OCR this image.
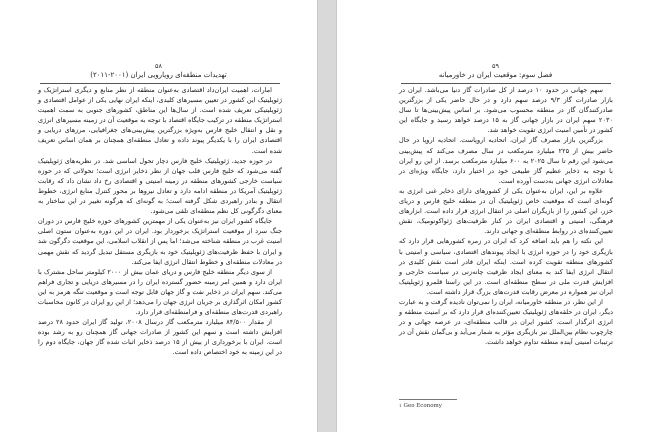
۵۸
تهدیدات منطقه‌ای رویارویی ایران (۲۰۰۱-۲۰۱۱)

امارات، اهمیت ایران‌داد اقتصادی به‌عنوان منطقه از نظر منابع و دیگری استراتژیک و ژئوپلیتیک این کشور در تعیین مسیرهای کلیدی، اینکه ایران نهایی یکی از عوامل اقتصادی و ژئوپلیتیکی تعریف شده است. از سال‌ها این مناطق، کشورهای جنوبی به سمت اهمیت استراتژیک منطقه در ترکیب جایگاه اقتصاد با توجه به موقعیت آن در زمینه مسیرهای انرژی و نقل و انتقال خلیج فارس به‌ویژه بزرگترین پیش‌بینی‌های جغرافیایی، مرزهای دریایی و اقتصادی ایران را با یکدیگر پیوند داده و تعادل منطقه‌ای همچنان بر همان اساس تعریف شده است.

در حوزه جدید، ژئوپلیتیک خلیج فارس دچار تحول اساسی شد. در نظریه‌های ژئوپلیتیک گفته می‌شود که خلیج فارس قلب جهان از نظر ذخایر انرژی است؛ تحولاتی که در حوزه سیاست خارجی کشورهای منطقه در زمینه امنیتی و اقتصادی رخ داد نشان داد که رقابت ژئوپلیتیک آمریکا در منطقه ادامه دارد و تعادل نیروها بر محور کنترل منابع انرژی، خطوط انتقال و بنادر راهبردی شکل گرفته است؛ به گونه‌ای که هرگونه تغییر در این ساختار به معنای دگرگونی کل نظم منطقه‌ای تلقی می‌شود.

جایگاه کشور ایران نیز به‌عنوان یکی از مهمترین کشورهای حوزه خلیج فارس در دوران جنگ سرد از موقعیت استراتژیک برخوردار بود. ایران در این دوره به‌عنوان ستون اصلی امنیت غرب در منطقه شناخته می‌شد؛ اما پس از انقلاب اسلامی، این موقعیت دگرگون شد و ایران با حفظ ظرفیت‌های ژئوپلیتیک خود به بازیگری مستقل تبدیل گردید که نقش مهمی در معادلات منطقه‌ای و خطوط انتقال انرژی ایفا می‌کند.

از سوی دیگر منطقه خلیج فارس و دریای عمان بیش از ۲۰۰۰ کیلومتر ساحل مشترک با ایران دارد و همین امر زمینه حضور گسترده ایران را در مسیرهای دریایی و تجاری فراهم می‌کند. سهم ایران در ذخایر نفت و گاز جهان قابل توجه است و موقعیت تنگه هرمز به این کشور امکان اثرگذاری بر جریان انرژی جهان را می‌دهد؛ از این رو ایران در کانون محاسبات راهبردی قدرت‌های منطقه‌ای و فرامنطقه‌ای قرار دارد.

از مقدار ۸۴/۵۰۰ میلیارد مترمکعب گاز درسال ۲۰۰۸، تولید گاز ایران حدود ۲۸ درصد افزایش داشته است و سهم این کشور از صادرات جهانی گاز همچنان رو به رشد بوده است. ایران با برخورداری از بیش از ۱۵ درصد ذخایر اثبات شده گاز جهان، جایگاه دوم را در این زمینه به خود اختصاص داده است.

۵۹
فصل سوم: موقعیت ایران در خاورمیانه

سهم جهانی در حدود ۱۰ درصد از کل صادرات گاز دنیا می‌باشد. ایران در بازار صادرات گاز ۹/۳ درصد سهم دارد و در حال حاضر یکی از بزرگترین صادرکنندگان گاز در منطقه محسوب می‌شود. بر اساس پیش‌بینی‌ها تا سال ۲۰۳۰ سهم ایران در بازار جهانی گاز به ۱۵ درصد خواهد رسید و جایگاه این کشور در تأمین امنیت انرژی تقویت خواهد شد.

بزرگترین بازار مصرف گاز ایران، اتحادیه اروپاست. اتحادیه اروپا در حال حاضر بیش از ۲۲۵ میلیارد مترمکعب در سال مصرف می‌کند که پیش‌بینی می‌شود این رقم تا سال ۲۰۲۵ به ۶۰۰ میلیارد مترمکعب برسد. از این رو ایران با توجه به ذخایر عظیم گاز طبیعی خود در اختیار دارد، جایگاه ویژه‌ای در معادلات انرژی جهانی به‌دست آورده است.

علاوه بر این، ایران به‌عنوان یکی از کشورهای دارای ذخایر غنی انرژی به گونه‌ای است که موقعیت خاص ژئوپلیتیک آن در منطقه خلیج فارس و دریای خزر، این کشور را از بازیگران اصلی در انتقال انرژی قرار داده است. ابزارهای فرهنگی، امنیتی و اقتصادی ایران در کنار ظرفیت‌های ژئواکونومیک، نقش تعیین‌کننده‌ای در روابط منطقه‌ای و جهانی دارند.

این نکته را هم باید اضافه کرد که ایران در زمره کشورهایی قرار دارد که بازیگری خود را در حوزه انرژی با ایجاد پیوندهای اقتصادی، سیاسی و امنیتی با کشورهای منطقه تقویت کرده است. اینکه ایران قادر است نقش کلیدی در انتقال انرژی ایفا کند به معنای ایجاد ظرفیت چانه‌زنی در سیاست خارجی و افزایش قدرت ملی در سطح منطقه‌ای است. در این راستا قلمرو ژئوپلیتیک ایران نیز همواره در معرض رقابت قدرت‌های بزرگ قرار داشته است.

از این نظر، در منطقه خاورمیانه، ایران را نمی‌توان نادیده گرفت و به عبارت دیگر، ایران در حلقه‌های ژئوپلیتیک تعیین‌کننده‌ای قرار دارد که بر امنیت منطقه و انرژی اثرگذار است. کشور ایران در قالب منطقه‌ای، در عرصه جهانی و در چارچوب نظام بین‌الملل نیز بازیگری مؤثر به شمار می‌آید و بی‌گمان نقش آن در ترتیبات امنیتی آینده منطقه تداوم خواهد داشت.

$^1$ Geo Economy
